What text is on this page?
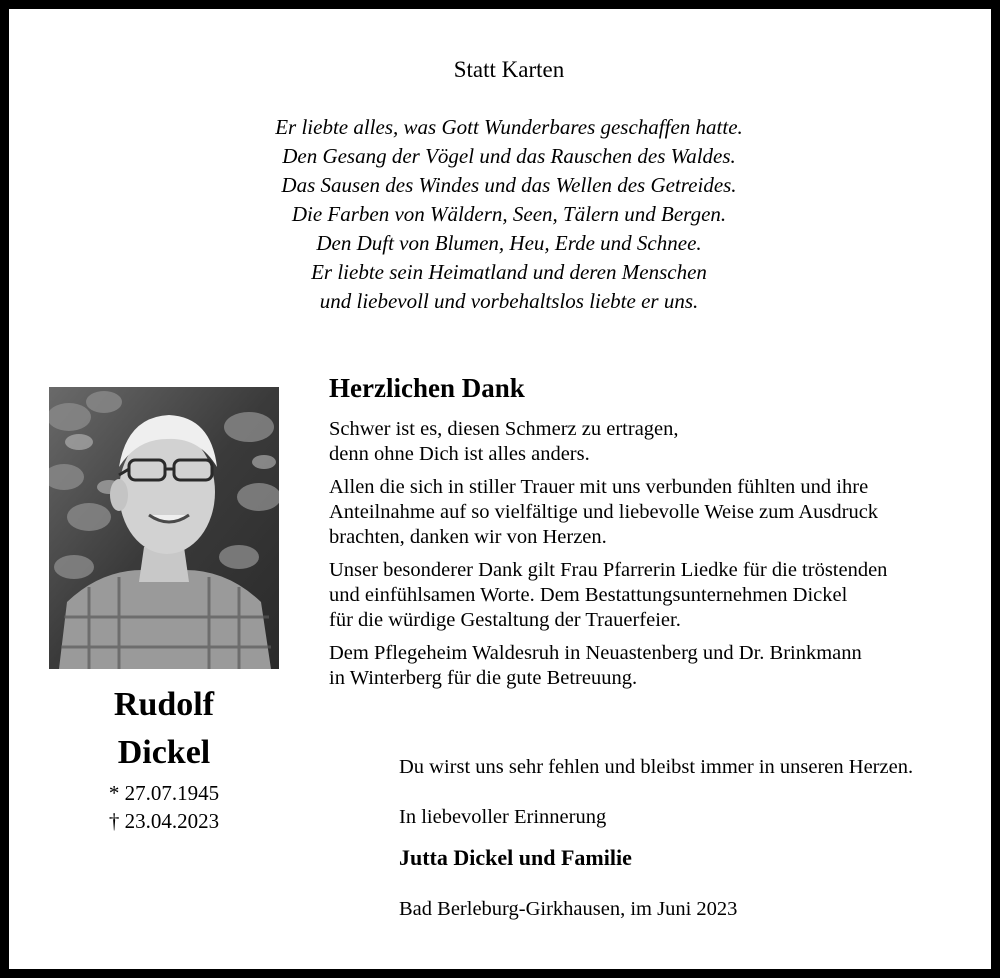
Statt Karten
Er liebte alles, was Gott Wunderbares geschaffen hatte.
Den Gesang der Vögel und das Rauschen des Waldes.
Das Sausen des Windes und das Wellen des Getreides.
Die Farben von Wäldern, Seen, Tälern und Bergen.
Den Duft von Blumen, Heu, Erde und Schnee.
Er liebte sein Heimatland und deren Menschen
und liebevoll und vorbehaltslos liebte er uns.
Rudolf
Dickel
* 27.07.1945
† 23.04.2023
Herzlichen Dank

Schwer ist es, diesen Schmerz zu ertragen,
denn ohne Dich ist alles anders.

Allen die sich in stiller Trauer mit uns verbunden fühlten und ihre
Anteilnahme auf so vielfältige und liebevolle Weise zum Ausdruck
brachten, danken wir von Herzen.

Unser besonderer Dank gilt Frau Pfarrerin Liedke für die tröstenden
und einfühlsamen Worte. Dem Bestattungsunternehmen Dickel
für die würdige Gestaltung der Trauerfeier.

Dem Pflegeheim Waldesruh in Neuastenberg und Dr. Brinkmann
in Winterberg für die gute Betreuung.

Du wirst uns sehr fehlen und bleibst immer in unseren Herzen.
In liebevoller Erinnerung
Jutta Dickel und Familie
Bad Berleburg-Girkhausen, im Juni 2023
